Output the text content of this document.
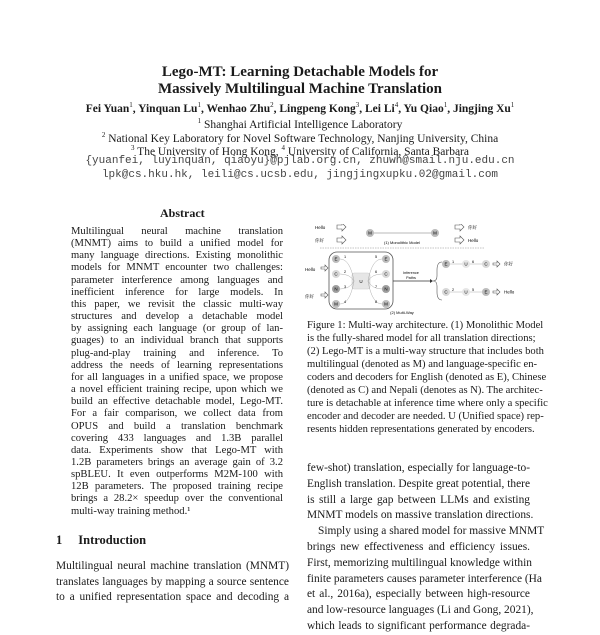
Lego-MT: Learning Detachable Models for
Massively Multilingual Machine Translation
Fei Yuan$^1$, Yinquan Lu$^1$, Wenhao Zhu$^2$, Lingpeng Kong$^3$, Lei Li$^4$, Yu Qiao$^1$, Jingjing Xu$^1$
$^1$ Shanghai Artificial Intelligence Laboratory
$^2$ National Key Laboratory for Novel Software Technology, Nanjing University, China
$^3$ The University of Hong Kong, $^4$ University of California, Santa Barbara
{yuanfei, luyinquan, qiaoyu}@pjlab.org.cn, zhuwh@smail.nju.edu.cn
lpk@cs.hku.hk, leili@cs.ucsb.edu, jingjingxupku.02@gmail.com
Abstract
Multilingual neural machine translation
(MNMT) aims to build a unified model for
many language directions. Existing monolithic
models for MNMT encounter two challenges:
parameter interference among languages and
inefficient inference for large models. In
this paper, we revisit the classic multi-way
structures and develop a detachable model
by assigning each language (or group of lan-
guages) to an individual branch that supports
plug-and-play training and inference. To
address the needs of learning representations
for all languages in a unified space, we propose
a novel efficient training recipe, upon which we
build an effective detachable model, Lego-MT.
For a fair comparison, we collect data from
OPUS and build a translation benchmark
covering 433 languages and 1.3B parallel
data. Experiments show that Lego-MT with
1.2B parameters brings an average gain of 3.2
spBLEU. It even outperforms M2M-100 with
12B parameters. The proposed training recipe
brings a 28.2× speedup over the conventional
multi-way training method.¹
1 Introduction
Multilingual neural machine translation (MNMT)
translates languages by mapping a source sentence
to a unified representation space and decoding a
Hello
你好
M	M
(1) Monolithic Model
你好
Hello
Hello
你好
U
E	E
1	5
C	C
2	6
N	N
3	7
M	M
4	8
Inference
Paths
E	U	C
1	6	你好
C	U	E
2	5	Hello
(2) Multi-Way
Figure 1: Multi-way architecture. (1) Monolithic Model
is the fully-shared model for all translation directions;
(2) Lego-MT is a multi-way structure that includes both
multilingual (denoted as M) and language-specific en-
coders and decoders for English (denoted as E), Chinese
(denoted as C) and Nepali (denotes as N). The architec-
ture is detachable at inference time where only a specific
encoder and decoder are needed. U (Unified space) rep-
resents hidden representations generated by encoders.
few-shot) translation, especially for language-to-
English translation. Despite great potential, there
is still a large gap between LLMs and existing
MNMT models on massive translation directions.
Simply using a shared model for massive MNMT
brings new effectiveness and efficiency issues.
First, memorizing multilingual knowledge within
finite parameters causes parameter interference (Ha
et al., 2016a), especially between high-resource
and low-resource languages (Li and Gong, 2021),
which leads to significant performance degrada-
